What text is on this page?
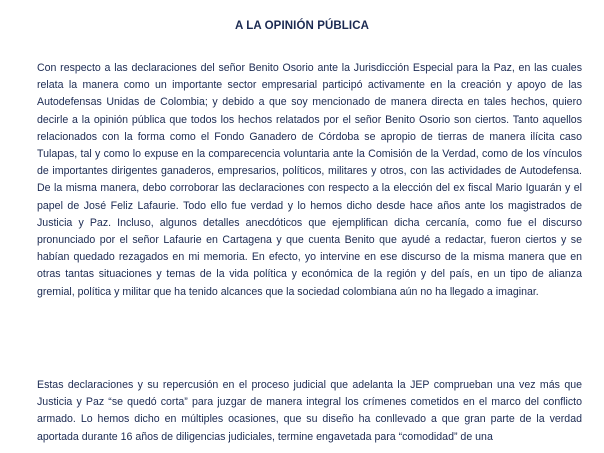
A LA OPINIÓN PÚBLICA

Con respecto a las declaraciones del señor Benito Osorio ante la Jurisdicción Especial para la Paz, en las cuales relata la manera como un importante sector empresarial participó activamente en la creación y apoyo de las Autodefensas Unidas de Colombia; y debido a que soy mencionado de manera directa en tales hechos, quiero decirle a la opinión pública que todos los hechos relatados por el señor Benito Osorio son ciertos. Tanto aquellos relacionados con la forma como el Fondo Ganadero de Córdoba se apropio de tierras de manera ilícita caso Tulapas, tal y como lo expuse en la comparecencia voluntaria ante la Comisión de la Verdad, como de los vínculos de importantes dirigentes ganaderos, empresarios, políticos, militares y otros, con las actividades de Autodefensa. De la misma manera, debo corroborar las declaraciones con respecto a la elección del ex fiscal Mario Iguarán y el papel de José Feliz Lafaurie. Todo ello fue verdad y lo hemos dicho desde hace años ante los magistrados de Justicia y Paz. Incluso, algunos detalles anecdóticos que ejemplifican dicha cercanía, como fue el discurso pronunciado por el señor Lafaurie en Cartagena y que cuenta Benito que ayudé a redactar, fueron ciertos y se habían quedado rezagados en mi memoria. En efecto, yo intervine en ese discurso de la misma manera que en otras tantas situaciones y temas de la vida política y económica de la región y del país, en un tipo de alianza gremial, política y militar que ha tenido alcances que la sociedad colombiana aún no ha llegado a imaginar.

Estas declaraciones y su repercusión en el proceso judicial que adelanta la JEP comprueban una vez más que Justicia y Paz “se quedó corta” para juzgar de manera integral los crímenes cometidos en el marco del conflicto armado. Lo hemos dicho en múltiples ocasiones, que su diseño ha conllevado a que gran parte de la verdad aportada durante 16 años de diligencias judiciales, termine engavetada para “comodidad” de una
